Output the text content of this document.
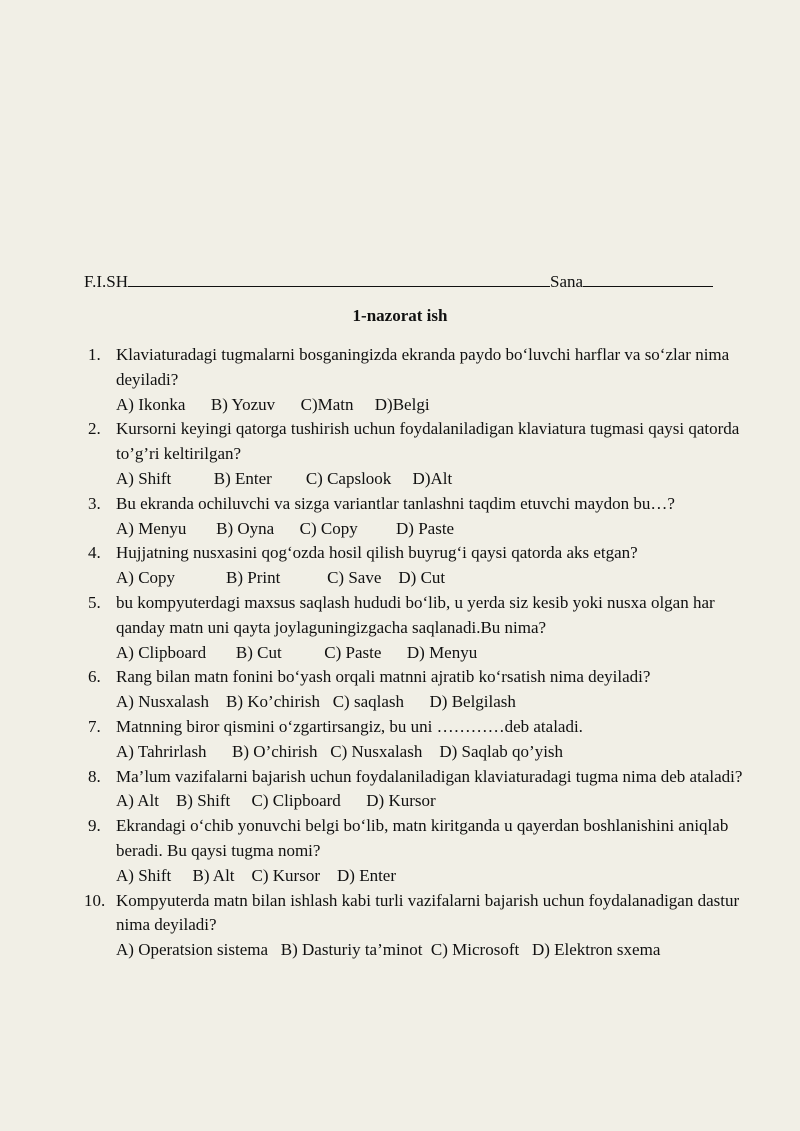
F.I.SH	Sana
1-nazorat ish
1. Klaviaturadagi tugmalarni bosganingizda ekranda paydo bo‘luvchi harflar va so‘zlar nima deyiladi?
A) Ikonka      B) Yozuv      C)Matn     D)Belgi
2. Kursorni keyingi qatorga tushirish uchun foydalaniladigan klaviatura tugmasi qaysi qatorda to’g’ri keltirilgan?
A) Shift          B) Enter        C) Capslook     D)Alt
3. Bu ekranda ochiluvchi va sizga variantlar tanlashni taqdim etuvchi maydon bu…?
A) Menyu       B) Oyna      C) Copy         D) Paste
4. Hujjatning nusxasini qog‘ozda hosil qilish buyrug‘i qaysi qatorda aks etgan?
A) Copy            B) Print           C) Save    D) Cut
5. bu kompyuterdagi maxsus saqlash hududi bo‘lib, u yerda siz kesib yoki nusxa olgan har qanday matn uni qayta joylaguningizgacha saqlanadi.Bu nima?
A) Clipboard       B) Cut          C) Paste      D) Menyu
6. Rang bilan matn fonini bo‘yash orqali matnni ajratib ko‘rsatish nima deyiladi?
A) Nusxalash    B) Ko’chirish   C) saqlash      D) Belgilash
7. Matnning biror qismini o‘zgartirsangiz, bu uni …………deb ataladi.
A) Tahrirlash      B) O’chirish   C) Nusxalash    D) Saqlab qo’yish
8. Ma’lum vazifalarni bajarish uchun foydalaniladigan klaviaturadagi tugma nima deb ataladi?
A) Alt    B) Shift     C) Clipboard      D) Kursor
9. Ekrandagi o‘chib yonuvchi belgi bo‘lib, matn kiritganda u qayerdan boshlanishini aniqlab beradi. Bu qaysi tugma nomi?
A) Shift     B) Alt    C) Kursor    D) Enter
10. Kompyuterda matn bilan ishlash kabi turli vazifalarni bajarish uchun foydalanadigan dastur nima deyiladi?
A) Operatsion sistema   B) Dasturiy ta’minot  C) Microsoft   D) Elektron sxema
